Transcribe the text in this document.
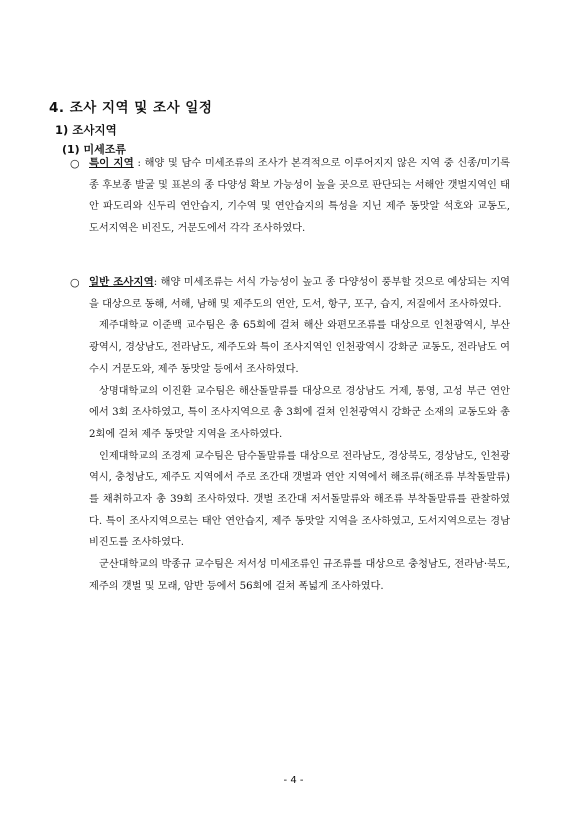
4. 조사 지역 및 조사 일정
1) 조사지역
(1) 미세조류
○ 특이 지역 : 해양 및 담수 미세조류의 조사가 본격적으로 이루어지지 않은 지역 중 신종/미기록종 후보종 발굴 및 표본의 종 다양성 확보 가능성이 높을 곳으로 판단되는 서해안 갯벌지역인 태안 파도리와 신두리 연안습지, 기수역 및 연안습지의 특성을 지닌 제주 동맛알 석호와 교동도, 도서지역은 비진도, 거문도에서 각각 조사하였다.
○ 일반 조사지역: 해양 미세조류는 서식 가능성이 높고 종 다양성이 풍부할 것으로 예상되는 지역을 대상으로 동해, 서해, 남해 및 제주도의 연안, 도서, 항구, 포구, 습지, 저질에서 조사하였다.

제주대학교 이준백 교수팀은 총 65회에 걸쳐 해산 와편모조류를 대상으로 인천광역시, 부산광역시, 경상남도, 전라남도, 제주도와 특이 조사지역인 인천광역시 강화군 교동도, 전라남도 여수시 거문도와, 제주 동맛알 등에서 조사하였다.

상명대학교의 이진환 교수팀은 해산돌말류를 대상으로 경상남도 거제, 통영, 고성 부근 연안에서 3회 조사하였고, 특이 조사지역으로 총 3회에 걸쳐 인천광역시 강화군 소재의 교동도와 총 2회에 걸쳐 제주 동맛알 지역을 조사하였다.

인제대학교의 조경제 교수팀은 담수돌말류를 대상으로 전라남도, 경상북도, 경상남도, 인천광역시, 충청남도, 제주도 지역에서 주로 조간대 갯벌과 연안 지역에서 해조류(해조류 부착돌말류)를 채취하고자 총 39회 조사하였다. 갯벌 조간대 저서돌말류와 해조류 부착돌말류를 관찰하였다. 특이 조사지역으로는 태안 연안습지, 제주 동맛알 지역을 조사하였고, 도서지역으로는 경남 비진도를 조사하였다.

군산대학교의 박종규 교수팀은 저서성 미세조류인 규조류를 대상으로 충청남도, 전라남·북도, 제주의 갯벌 및 모래, 암반 등에서 56회에 걸쳐 폭넓게 조사하였다.

- 4 -
